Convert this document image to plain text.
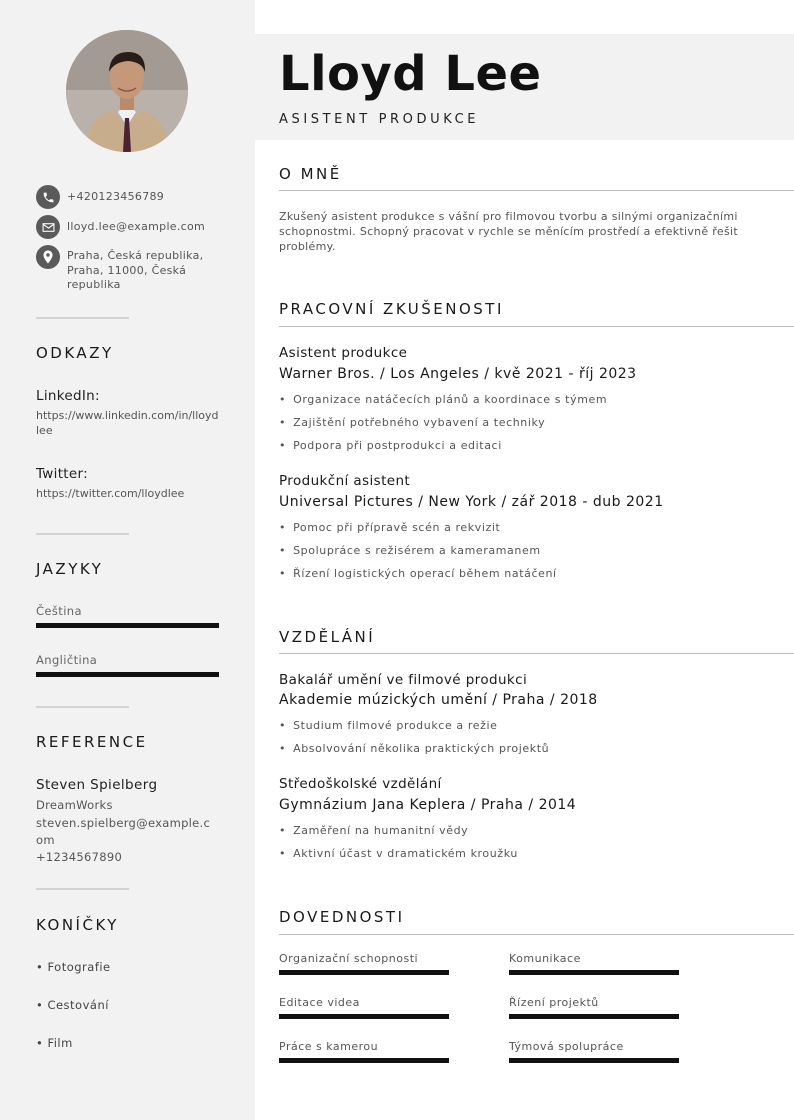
+420123456789
lloyd.lee@example.com
Praha, Česká republika, Praha, 11000, Česká republika
ODKAZY
LinkedIn:
https://www.linkedin.com/in/lloydlee
Twitter:
https://twitter.com/lloydlee
JAZYKY
Čeština
Angličtina
REFERENCE
Steven Spielberg
DreamWorks
steven.spielberg@example.com
+1234567890
KONÍČKY
• Fotografie
• Cestování
• Film
Lloyd Lee
ASISTENT PRODUKCE
O MNĚ
Zkušený asistent produkce s vášní pro filmovou tvorbu a silnými organizačními schopnostmi. Schopný pracovat v rychle se měnícím prostředí a efektivně řešit problémy.
PRACOVNÍ ZKUŠENOSTI
Asistent produkce
Warner Bros. / Los Angeles / kvě 2021 - říj 2023
• Organizace natáčecích plánů a koordinace s týmem
• Zajištění potřebného vybavení a techniky
• Podpora při postprodukci a editaci
Produkční asistent
Universal Pictures / New York / zář 2018 - dub 2021
• Pomoc při přípravě scén a rekvizit
• Spolupráce s režisérem a kameramanem
• Řízení logistických operací během natáčení
VZDĚLÁNÍ
Bakalář umění ve filmové produkci
Akademie múzických umění / Praha / 2018
• Studium filmové produkce a režie
• Absolvování několika praktických projektů
Středoškolské vzdělání
Gymnázium Jana Keplera / Praha / 2014
• Zaměření na humanitní vědy
• Aktivní účast v dramatickém kroužku
DOVEDNOSTI
Organizační schopnosti	Komunikace
Editace videa	Řízení projektů
Práce s kamerou	Týmová spolupráce
